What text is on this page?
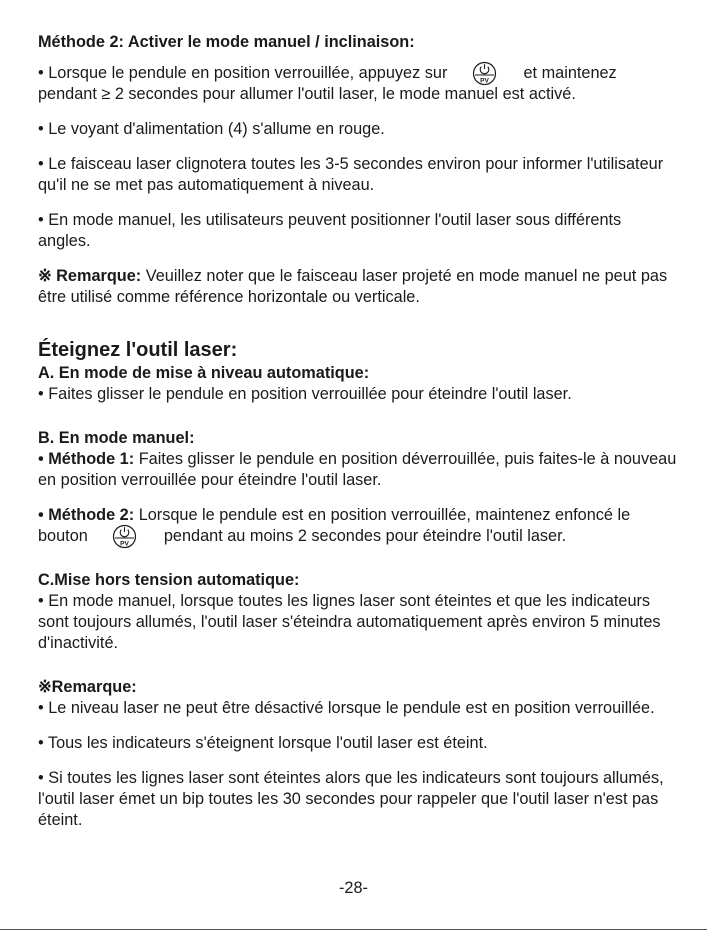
Méthode 2: Activer le mode manuel / inclinaison:

• Lorsque le pendule en position verrouillée, appuyez sur	PV et maintenez pendant ≥ 2 secondes pour allumer l'outil laser, le mode manuel est activé.

• Le voyant d'alimentation (4) s'allume en rouge.

• Le faisceau laser clignotera toutes les 3-5 secondes environ pour informer l'utilisateur qu'il ne se met pas automatiquement à niveau.

• En mode manuel, les utilisateurs peuvent positionner l'outil laser sous différents angles.

※ Remarque: Veuillez noter que le faisceau laser projeté en mode manuel ne peut pas être utilisé comme référence horizontale ou verticale.

Éteignez l'outil laser:

A. En mode de mise à niveau automatique:

• Faites glisser le pendule en position verrouillée pour éteindre l'outil laser.

B. En mode manuel:

• Méthode 1: Faites glisser le pendule en position déverrouillée, puis faites-le à nouveau en position verrouillée pour éteindre l'outil laser.

• Méthode 2: Lorsque le pendule est en position verrouillée, maintenez enfoncé le bouton	PV pendant au moins 2 secondes pour éteindre l'outil laser.

C.Mise hors tension automatique:

• En mode manuel, lorsque toutes les lignes laser sont éteintes et que les indicateurs sont toujours allumés, l'outil laser s'éteindra automatiquement après environ 5 minutes d'inactivité.

※Remarque:

• Le niveau laser ne peut être désactivé lorsque le pendule est en position verrouillée.

• Tous les indicateurs s'éteignent lorsque l'outil laser est éteint.

• Si toutes les lignes laser sont éteintes alors que les indicateurs sont toujours allumés, l'outil laser émet un bip toutes les 30 secondes pour rappeler que l'outil laser n'est pas éteint.

-28-
